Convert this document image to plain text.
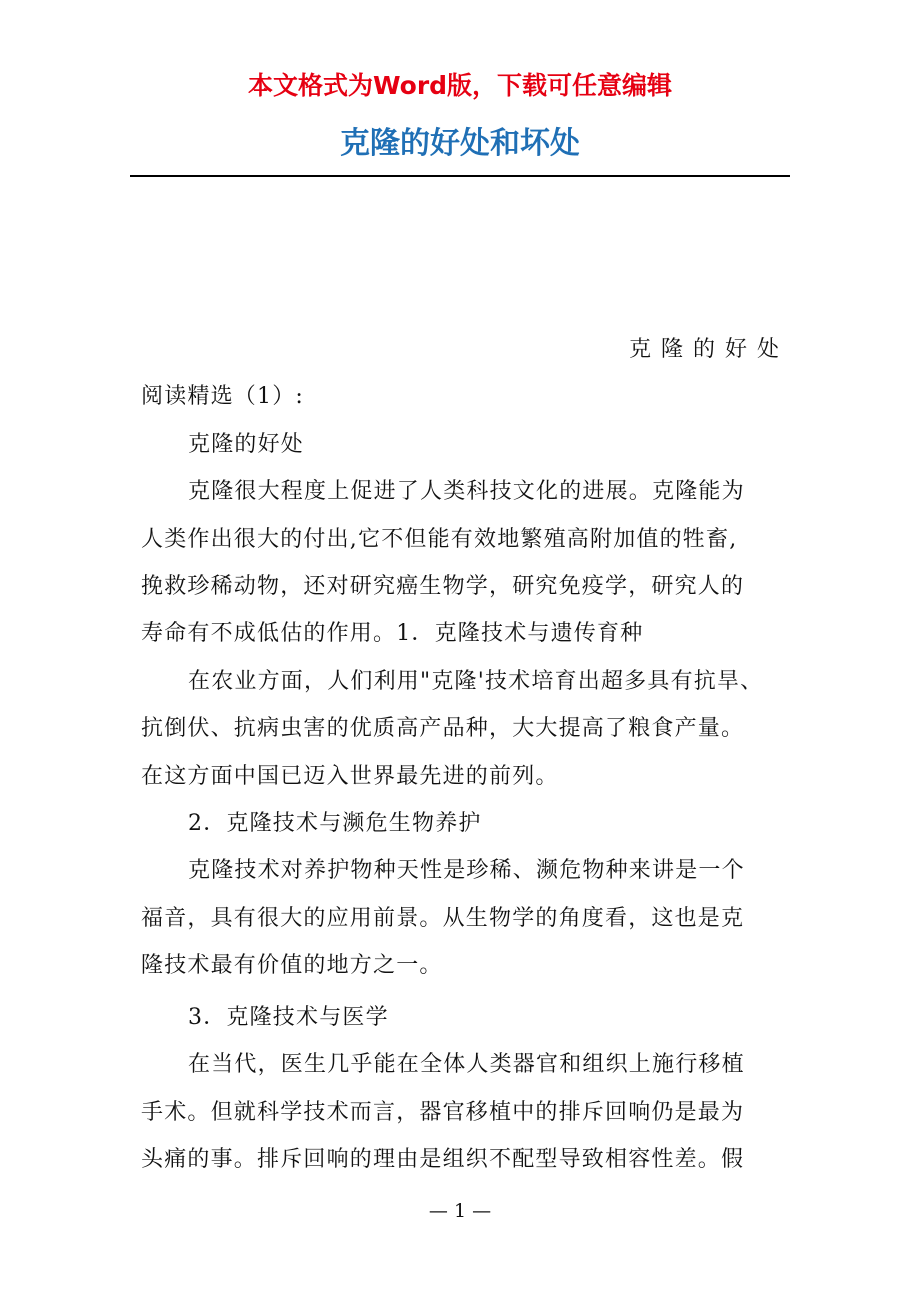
本文格式为Word版，下载可任意编辑
克隆的好处和坏处

克隆的好处

阅读精选（1）:

克隆的好处

克隆很大程度上促进了人类科技文化的进展。克隆能为

人类作出很大的付出,它不但能有效地繁殖高附加值的牲畜,

挽救珍稀动物，还对研究癌生物学，研究免疫学，研究人的

寿命有不成低估的作用。1．克隆技术与遗传育种

在农业方面，人们利用"克隆'技术培育出超多具有抗旱、

抗倒伏、抗病虫害的优质高产品种，大大提高了粮食产量。

在这方面中国已迈入世界最先进的前列。

2．克隆技术与濒危生物养护

克隆技术对养护物种天性是珍稀、濒危物种来讲是一个

福音，具有很大的应用前景。从生物学的角度看，这也是克

隆技术最有价值的地方之一。

3．克隆技术与医学

在当代，医生几乎能在全体人类器官和组织上施行移植

手术。但就科学技术而言，器官移植中的排斥回响仍是最为

头痛的事。排斥回响的理由是组织不配型导致相容性差。假

— 1 —
